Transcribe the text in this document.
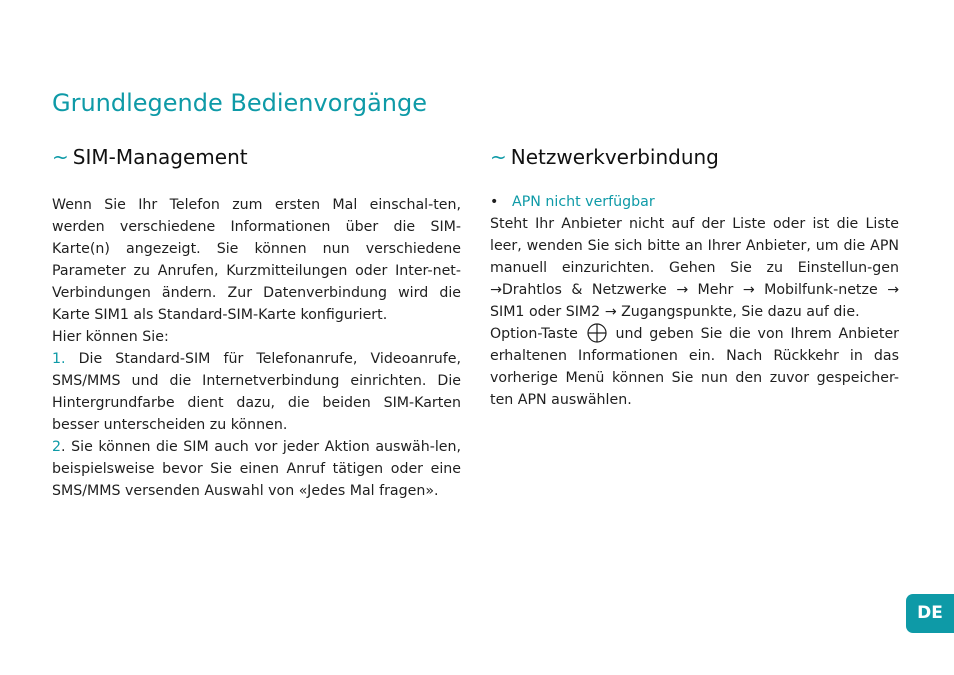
Grundlegende Bedienvorgänge
~ SIM-Management

Wenn Sie Ihr Telefon zum ersten Mal einschal-ten, werden verschiedene Informationen über die SIM-Karte(n) angezeigt. Sie können nun verschiedene Parameter zu Anrufen, Kurzmitteilungen oder Inter-net-Verbindungen ändern. Zur Datenverbindung wird die Karte SIM1 als Standard-SIM-Karte konfiguriert.

Hier können Sie:

1. Die Standard-SIM für Telefonanrufe, Videoanrufe, SMS/MMS und die Internetverbindung einrichten. Die Hintergrundfarbe dient dazu, die beiden SIM-Karten besser unterscheiden zu können.

2. Sie können die SIM auch vor jeder Aktion auswäh-len, beispielsweise bevor Sie einen Anruf tätigen oder eine SMS/MMS versenden Auswahl von «Jedes Mal fragen».

~ Netzwerkverbindung
• APN nicht verfügbar

Steht Ihr Anbieter nicht auf der Liste oder ist die Liste leer, wenden Sie sich bitte an Ihrer Anbieter, um die APN manuell einzurichten. Gehen Sie zu Einstellun-gen →Drahtlos & Netzwerke → Mehr → Mobilfunk-netze → SIM1 oder SIM2 → Zugangspunkte, Sie dazu auf die.

Option-Taste  und geben Sie die von Ihrem Anbieter erhaltenen Informationen ein. Nach Rückkehr in das vorherige Menü können Sie nun den zuvor gespeicher-ten APN auswählen.

DE
